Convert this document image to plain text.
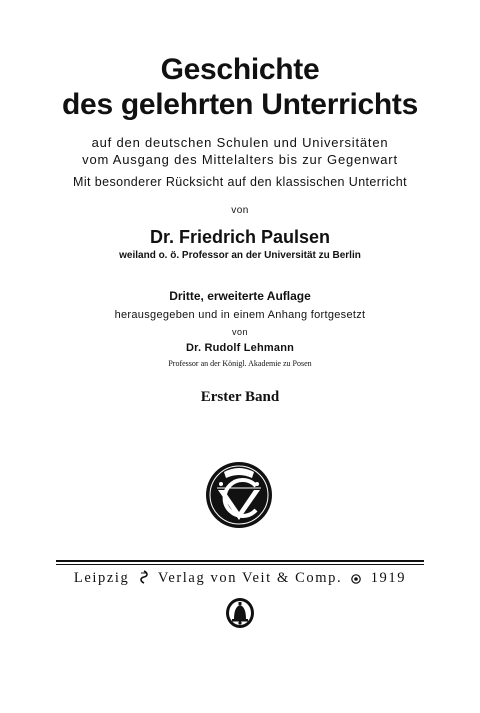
Geschichte
des gelehrten Unterrichts
auf den deutschen Schulen und Universitäten
vom Ausgang des Mittelalters bis zur Gegenwart
Mit besonderer Rücksicht auf den klassischen Unterricht
von
Dr. Friedrich Paulsen
weiland o. ö. Professor an der Universität zu Berlin
Dritte, erweiterte Auflage
herausgegeben und in einem Anhang fortgesetzt
von
Dr. Rudolf Lehmann
Professor an der Königl. Akademie zu Posen
Erster Band
Leipzig Verlag von Veit & Comp. 1919
